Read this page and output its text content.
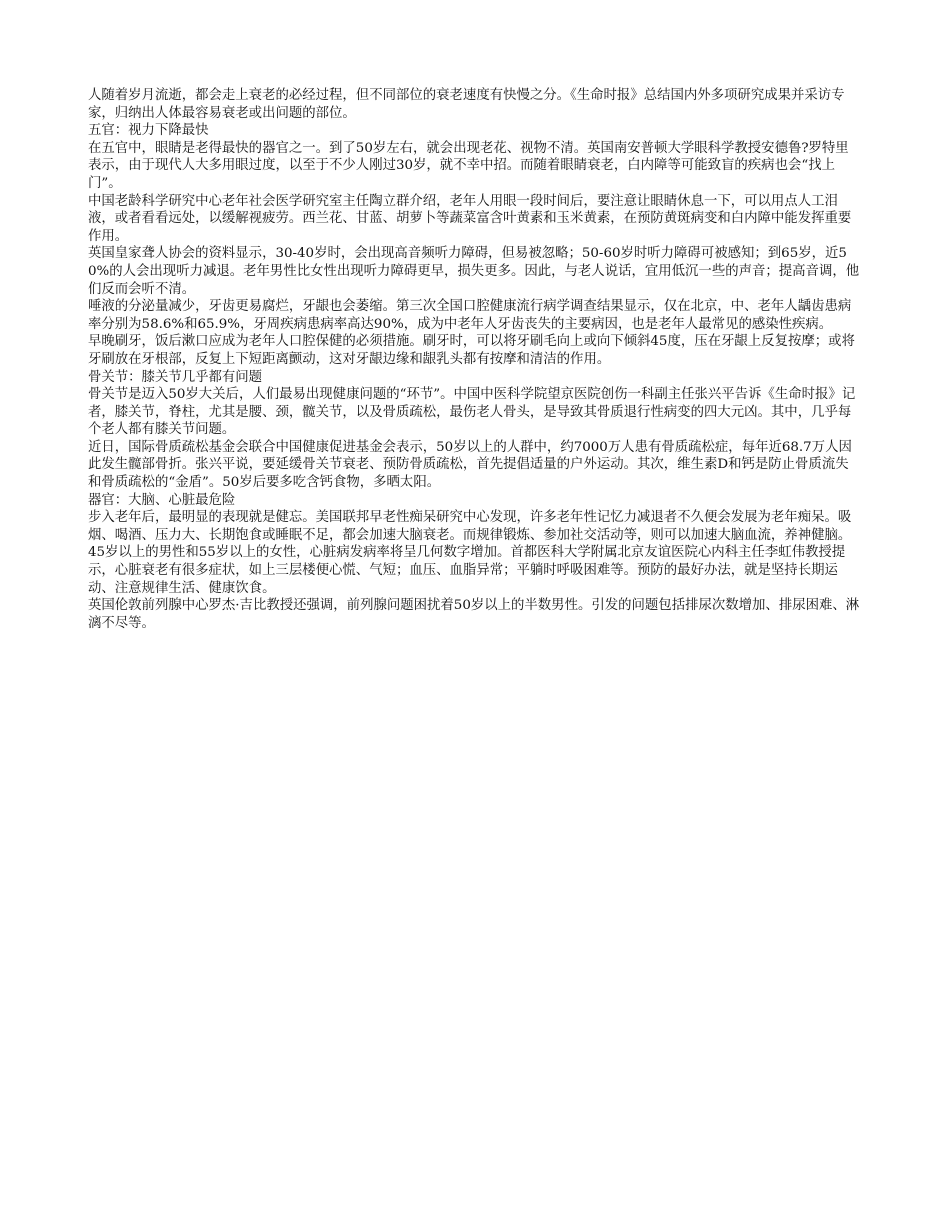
人随着岁月流逝，都会走上衰老的必经过程，但不同部位的衰老速度有快慢之分。《生命时报》总结国内外多项研究成果并采访专家，归纳出人体最容易衰老或出问题的部位。

五官：视力下降最快

在五官中，眼睛是老得最快的器官之一。到了50岁左右，就会出现老花、视物不清。英国南安普顿大学眼科学教授安德鲁?罗特里表示，由于现代人大多用眼过度，以至于不少人刚过30岁，就不幸中招。而随着眼睛衰老，白内障等可能致盲的疾病也会“找上门”。

中国老龄科学研究中心老年社会医学研究室主任陶立群介绍，老年人用眼一段时间后，要注意让眼睛休息一下，可以用点人工泪液，或者看看远处，以缓解视疲劳。西兰花、甘蓝、胡萝卜等蔬菜富含叶黄素和玉米黄素，在预防黄斑病变和白内障中能发挥重要作用。

英国皇家聋人协会的资料显示，30-40岁时，会出现高音频听力障碍，但易被忽略；50-60岁时听力障碍可被感知；到65岁，近50%的人会出现听力减退。老年男性比女性出现听力障碍更早，损失更多。因此，与老人说话，宜用低沉一些的声音；提高音调，他们反而会听不清。

唾液的分泌量减少，牙齿更易腐烂，牙龈也会萎缩。第三次全国口腔健康流行病学调查结果显示，仅在北京，中、老年人龋齿患病率分别为58.6%和65.9%，牙周疾病患病率高达90%，成为中老年人牙齿丧失的主要病因，也是老年人最常见的感染性疾病。

早晚刷牙，饭后漱口应成为老年人口腔保健的必须措施。刷牙时，可以将牙刷毛向上或向下倾斜45度，压在牙龈上反复按摩；或将牙刷放在牙根部，反复上下短距离颤动，这对牙龈边缘和龈乳头都有按摩和清洁的作用。

骨关节：膝关节几乎都有问题

骨关节是迈入50岁大关后，人们最易出现健康问题的“环节”。中国中医科学院望京医院创伤一科副主任张兴平告诉《生命时报》记者，膝关节，脊柱，尤其是腰、颈，髋关节，以及骨质疏松，最伤老人骨头，是导致其骨质退行性病变的四大元凶。其中，几乎每个老人都有膝关节问题。

近日，国际骨质疏松基金会联合中国健康促进基金会表示，50岁以上的人群中，约7000万人患有骨质疏松症，每年近68.7万人因此发生髋部骨折。张兴平说，要延缓骨关节衰老、预防骨质疏松，首先提倡适量的户外运动。其次，维生素D和钙是防止骨质流失和骨质疏松的“金盾”。50岁后要多吃含钙食物，多晒太阳。

器官：大脑、心脏最危险

步入老年后，最明显的表现就是健忘。美国联邦早老性痴呆研究中心发现，许多老年性记忆力减退者不久便会发展为老年痴呆。吸烟、喝酒、压力大、长期饱食或睡眠不足，都会加速大脑衰老。而规律锻炼、参加社交活动等，则可以加速大脑血流，养神健脑。

45岁以上的男性和55岁以上的女性，心脏病发病率将呈几何数字增加。首都医科大学附属北京友谊医院心内科主任李虹伟教授提示，心脏衰老有很多症状，如上三层楼便心慌、气短；血压、血脂异常；平躺时呼吸困难等。预防的最好办法，就是坚持长期运动、注意规律生活、健康饮食。

英国伦敦前列腺中心罗杰·吉比教授还强调，前列腺问题困扰着50岁以上的半数男性。引发的问题包括排尿次数增加、排尿困难、淋漓不尽等。
